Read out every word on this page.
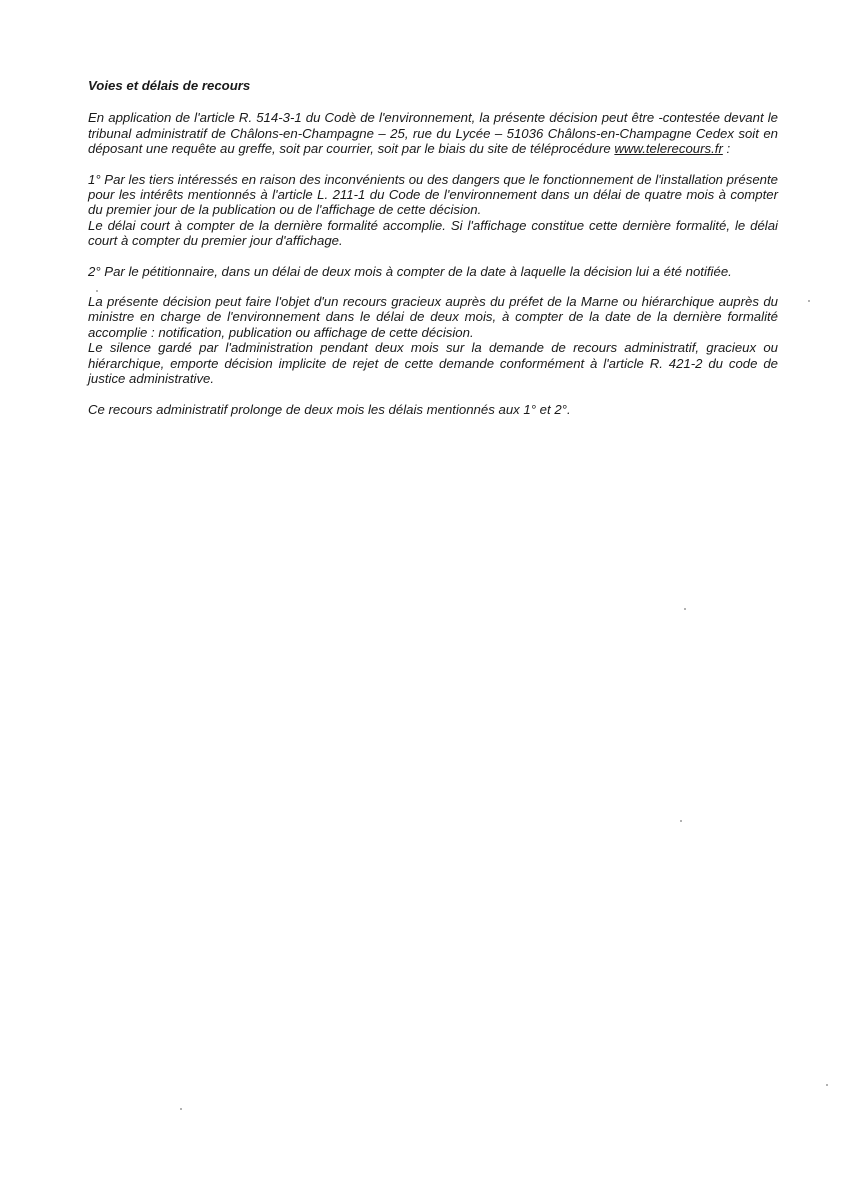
Voies et délais de recours

En application de l'article R. 514-3-1 du Codè de l'environnement, la présente décision peut être -contestée devant le tribunal administratif de Châlons-en-Champagne – 25, rue du Lycée – 51036 Châlons-en-Champagne Cedex soit en déposant une requête au greffe, soit par courrier, soit par le biais du site de téléprocédure www.telerecours.fr :

1° Par les tiers intéressés en raison des inconvénients ou des dangers que le fonctionnement de l'installation présente pour les intérêts mentionnés à l'article L. 211-1 du Code de l'environnement dans un délai de quatre mois à compter du premier jour de la publication ou de l'affichage de cette décision.

Le délai court à compter de la dernière formalité accomplie. Si l'affichage constitue cette dernière formalité, le délai court à compter du premier jour d'affichage.

2° Par le pétitionnaire, dans un délai de deux mois à compter de la date à laquelle la décision lui a été notifiée.

La présente décision peut faire l'objet d'un recours gracieux auprès du préfet de la Marne ou hiérarchique auprès du ministre en charge de l'environnement dans le délai de deux mois, à compter de la date de la dernière formalité accomplie : notification, publication ou affichage de cette décision.

Le silence gardé par l'administration pendant deux mois sur la demande de recours administratif, gracieux ou hiérarchique, emporte décision implicite de rejet de cette demande conformément à l'article R. 421-2 du code de justice administrative.

Ce recours administratif prolonge de deux mois les délais mentionnés aux 1° et 2°.
